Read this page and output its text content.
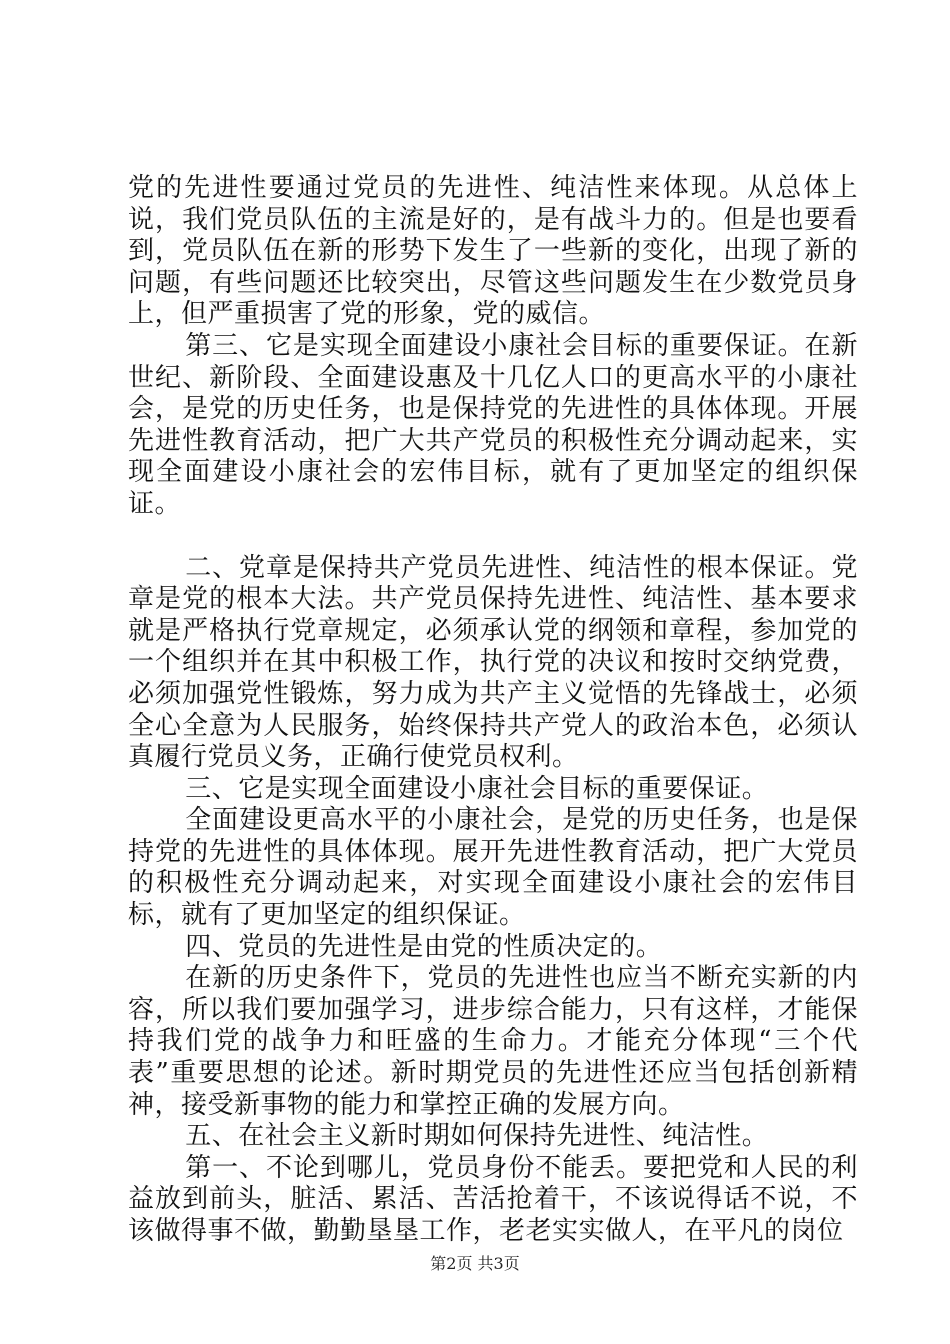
党的先进性要通过党员的先进性、纯洁性来体现。从总体上说，我们党员队伍的主流是好的，是有战斗力的。但是也要看到，党员队伍在新的形势下发生了一些新的变化，出现了新的问题，有些问题还比较突出，尽管这些问题发生在少数党员身上，但严重损害了党的形象，党的威信。

第三、它是实现全面建设小康社会目标的重要保证。在新世纪、新阶段、全面建设惠及十几亿人口的更高水平的小康社会，是党的历史任务，也是保持党的先进性的具体体现。开展先进性教育活动，把广大共产党员的积极性充分调动起来，实现全面建设小康社会的宏伟目标，就有了更加坚定的组织保证。

二、党章是保持共产党员先进性、纯洁性的根本保证。党章是党的根本大法。共产党员保持先进性、纯洁性、基本要求就是严格执行党章规定，必须承认党的纲领和章程，参加党的一个组织并在其中积极工作，执行党的决议和按时交纳党费，必须加强党性锻炼，努力成为共产主义觉悟的先锋战士，必须全心全意为人民服务，始终保持共产党人的政治本色，必须认真履行党员义务，正确行使党员权利。

三、它是实现全面建设小康社会目标的重要保证。

全面建设更高水平的小康社会，是党的历史任务，也是保持党的先进性的具体体现。展开先进性教育活动，把广大党员的积极性充分调动起来，对实现全面建设小康社会的宏伟目标，就有了更加坚定的组织保证。

四、党员的先进性是由党的性质决定的。

在新的历史条件下，党员的先进性也应当不断充实新的内容，所以我们要加强学习，进步综合能力，只有这样，才能保持我们党的战争力和旺盛的生命力。才能充分体现“三个代表”重要思想的论述。新时期党员的先进性还应当包括创新精神，接受新事物的能力和掌控正确的发展方向。

五、在社会主义新时期如何保持先进性、纯洁性。

第一、不论到哪儿，党员身份不能丢。要把党和人民的利益放到前头，脏活、累活、苦活抢着干，不该说得话不说，不该做得事不做，勤勤垦垦工作，老老实实做人，在平凡的岗位

第2页 共3页
